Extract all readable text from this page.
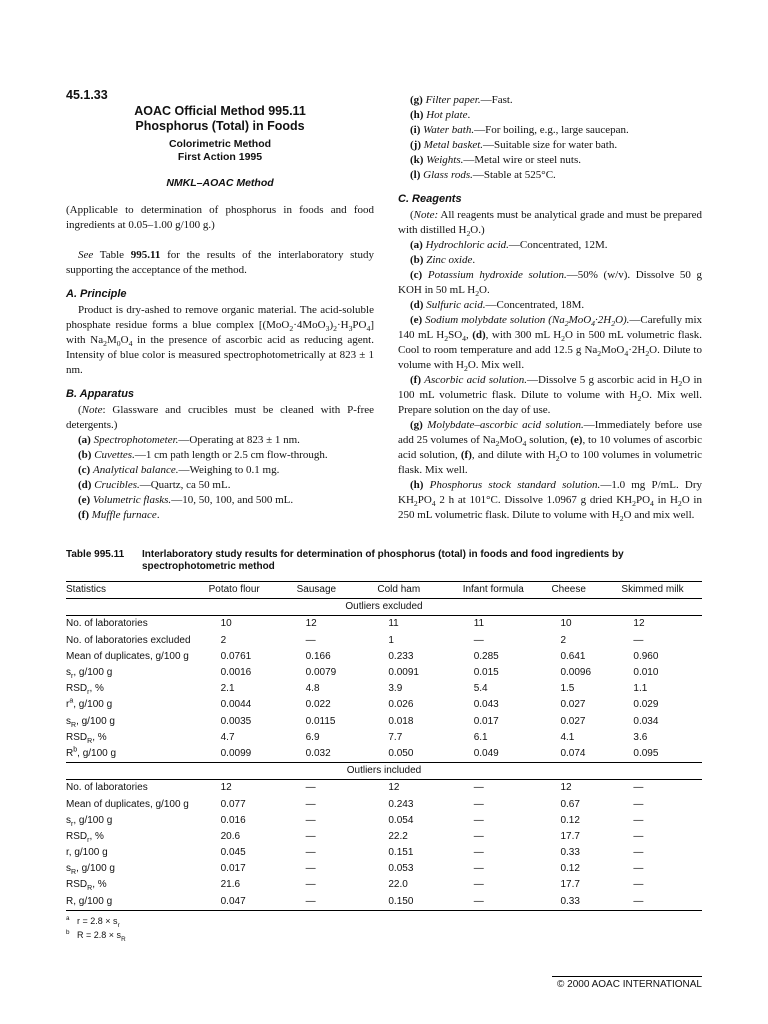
45.1.33
AOAC Official Method 995.11
Phosphorus (Total) in Foods
Colorimetric Method
First Action 1995
NMKL–AOAC Method

(Applicable to determination of phosphorus in foods and food ingredients at 0.05–1.00 g/100 g.)

See Table 995.11 for the results of the interlaboratory study supporting the acceptance of the method.

A. Principle

Product is dry-ashed to remove organic material. The acid-soluble phosphate residue forms a blue complex $[(MoO_2\cdot 4MoO_3)_2\cdot H_3PO_4]$ with $Na_2M_0O_4$ in the presence of ascorbic acid as reducing agent. Intensity of blue color is measured spectrophotometrically at 823 ± 1 nm.

B. Apparatus

(Note: Glassware and crucibles must be cleaned with P-free detergents.)

(a) Spectrophotometer.—Operating at 823 ± 1 nm.
(b) Cuvettes.—1 cm path length or 2.5 cm flow-through.
(c) Analytical balance.—Weighing to 0.1 mg.
(d) Crucibles.—Quartz, ca 50 mL.
(e) Volumetric flasks.—10, 50, 100, and 500 mL.
(f) Muffle furnace.
(g) Filter paper.—Fast.
(h) Hot plate.
(i) Water bath.—For boiling, e.g., large saucepan.
(j) Metal basket.—Suitable size for water bath.
(k) Weights.—Metal wire or steel nuts.
(l) Glass rods.—Stable at 525°C.
C. Reagents

(Note: All reagents must be analytical grade and must be prepared with distilled $H_2O$.)

(a) Hydrochloric acid.—Concentrated, 12M.

(b) Zinc oxide.

(c) Potassium hydroxide solution.—50% (w/v). Dissolve 50 g KOH in 50 mL $H_2O$.

(d) Sulfuric acid.—Concentrated, 18M.

(e) Sodium molybdate solution $(Na_2MoO_4\cdot 2H_2O).—Carefully$ mix 140 mL $H_2SO_4$, (d), with 300 mL $H_2O$ in 500 mL volumetric flask. Cool to room temperature and add 12.5 g $Na_2MoO_4\cdot 2H_2O$. Dilute to volume with $H_2O$. Mix well.

(f) Ascorbic acid solution.—Dissolve 5 g ascorbic acid in $H_2O$ in 100 mL volumetric flask. Dilute to volume with $H_2O$. Mix well. Prepare solution on the day of use.

(g) Molybdate–ascorbic acid solution.—Immediately before use add 25 volumes of $Na_2MoO_4$ solution, (e), to 10 volumes of ascorbic acid solution, (f), and dilute with $H_2O$ to 100 volumes in volumetric flask. Mix well.

(h) Phosphorus stock standard solution.—1.0 mg P/mL. Dry $KH_2PO_4$ 2 h at 101°C. Dissolve 1.0967 g dried $KH_2PO_4$ in $H_2O$ in 250 mL volumetric flask. Dilute to volume with $H_2O$ and mix well.

Table 995.11	Interlaboratory study results for determination of phosphorus (total) in foods and food ingredients by spectrophotometric method
Statistics	Potato flour	Sausage	Cold ham	Infant formula	Cheese	Skimmed milk
Outliers excluded						
No. of laboratories	10	12	11	11	10	12
No. of laboratories excluded	2	—	1	—	2	—
Mean of duplicates, g/100 g	0.0761	0.166	0.233	0.285	0.641	0.960
$s_r$, g/100 g	0.0016	0.0079	0.0091	0.015	0.0096	0.010
$RSD_r$, %	2.1	4.8	3.9	5.4	1.5	1.1
$r^a$, g/100 g	0.0044	0.022	0.026	0.043	0.027	0.029
$s_R$, g/100 g	0.0035	0.0115	0.018	0.017	0.027	0.034
$RSD_R$, %	4.7	6.9	7.7	6.1	4.1	3.6
$R^b$, g/100 g	0.0099	0.032	0.050	0.049	0.074	0.095
Outliers included						
No. of laboratories	12	—	12	—	12	—
Mean of duplicates, g/100 g	0.077	—	0.243	—	0.67	—
$s_r$, g/100 g	0.016	—	0.054	—	0.12	—
$RSD_r$, %	20.6	—	22.2	—	17.7	—
r, g/100 g	0.045	—	0.151	—	0.33	—
$s_R$, g/100 g	0.017	—	0.053	—	0.12	—
$RSD_R$, %	21.6	—	22.0	—	17.7	—
R, g/100 g	0.047	—	0.150	—	0.33	—
$^a$ $r = 2.8 \times s_r$
$^b$ $R = 2.8 \times s_R$
© 2000 AOAC INTERNATIONAL
